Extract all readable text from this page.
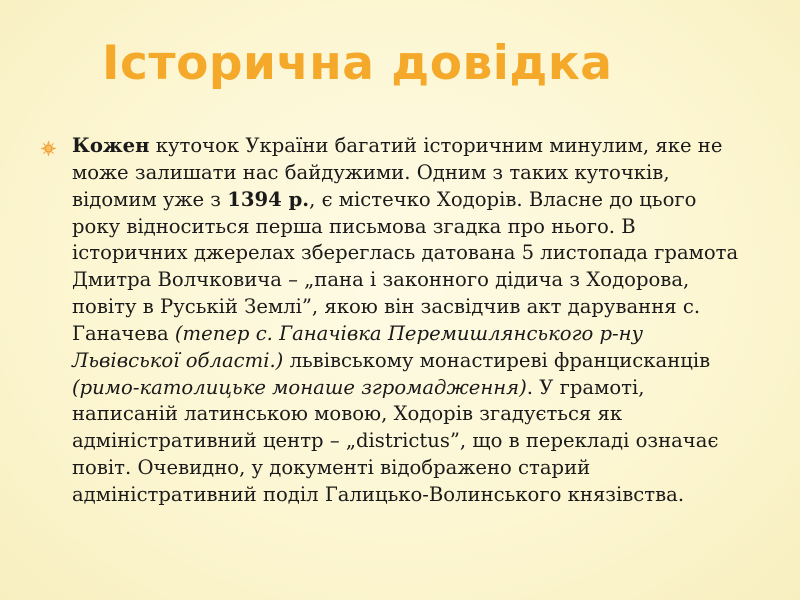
Історична довідка

Кожен куточок України багатий історичним минулим, яке не може залишати нас байдужими. Одним з таких куточків, відомим уже з 1394 р., є містечко Ходорів. Власне до цього року відноситься перша письмова згадка про нього. В історичних джерелах збереглась датована 5 листопада грамота Дмитра Волчковича – „пана і законного дідича з Ходорова, повіту в Руській Землі”, якою він засвідчив акт дарування с. Ганачева (тепер с. Ганачівка Перемишлянського р-ну Львівської області.) львівському монастиреві францисканців (римо-католицьке монаше згромадження). У грамоті, написаній латинською мовою, Ходорів згадується як адміністративний центр – „districtus”, що в перекладі означає повіт. Очевидно, у документі відображено старий адміністративний поділ Галицько-Волинського князівства.
